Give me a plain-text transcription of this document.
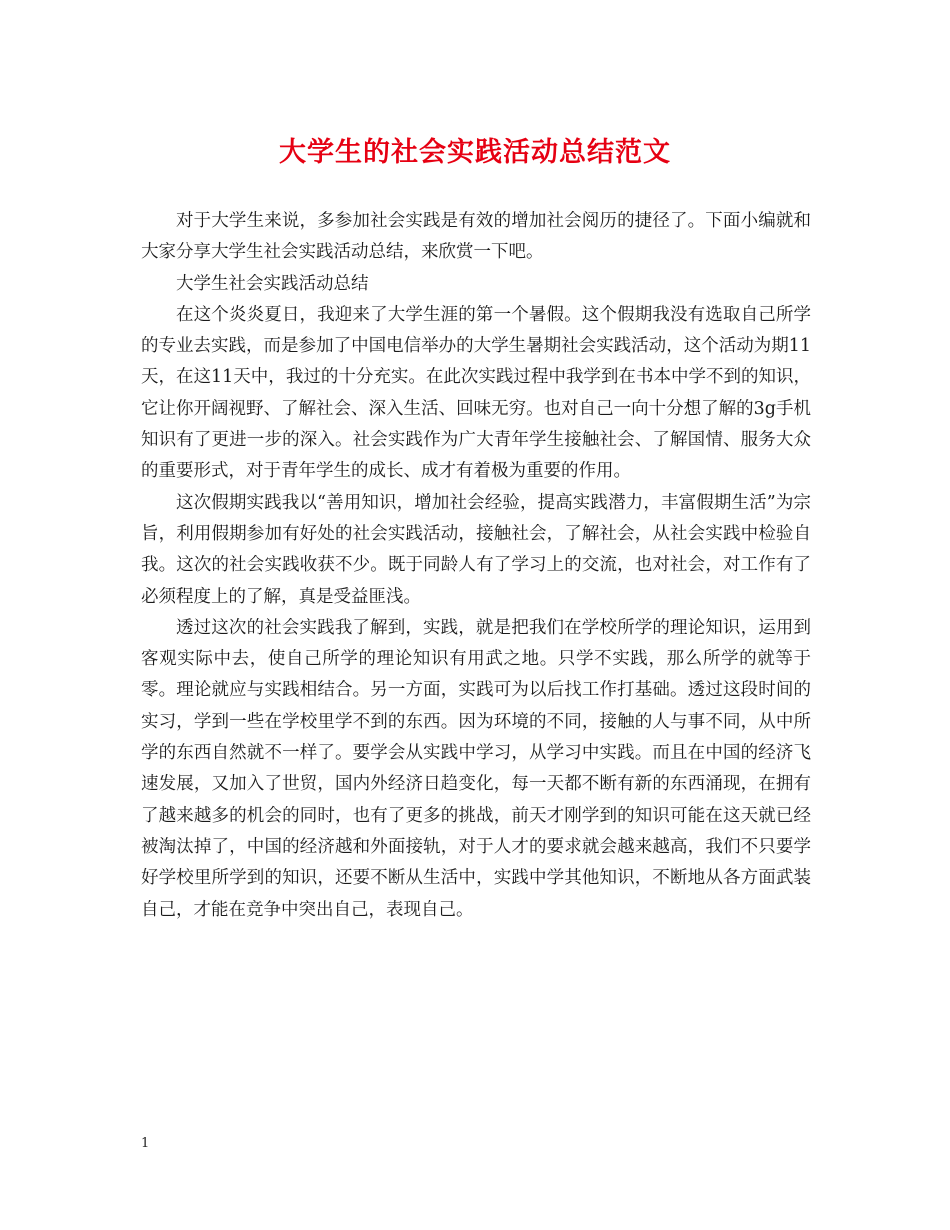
大学生的社会实践活动总结范文

对于大学生来说，多参加社会实践是有效的增加社会阅历的捷径了。下面小编就和大家分享大学生社会实践活动总结，来欣赏一下吧。

大学生社会实践活动总结

在这个炎炎夏日，我迎来了大学生涯的第一个暑假。这个假期我没有选取自己所学的专业去实践，而是参加了中国电信举办的大学生暑期社会实践活动，这个活动为期11天，在这11天中，我过的十分充实。在此次实践过程中我学到在书本中学不到的知识，它让你开阔视野、了解社会、深入生活、回味无穷。也对自己一向十分想了解的3g手机知识有了更进一步的深入。社会实践作为广大青年学生接触社会、了解国情、服务大众的重要形式，对于青年学生的成长、成才有着极为重要的作用。

这次假期实践我以“善用知识，增加社会经验，提高实践潜力，丰富假期生活”为宗旨，利用假期参加有好处的社会实践活动，接触社会，了解社会，从社会实践中检验自我。这次的社会实践收获不少。既于同龄人有了学习上的交流，也对社会，对工作有了必须程度上的了解，真是受益匪浅。

透过这次的社会实践我了解到，实践，就是把我们在学校所学的理论知识，运用到客观实际中去，使自己所学的理论知识有用武之地。只学不实践，那么所学的就等于零。理论就应与实践相结合。另一方面，实践可为以后找工作打基础。透过这段时间的实习，学到一些在学校里学不到的东西。因为环境的不同，接触的人与事不同，从中所学的东西自然就不一样了。要学会从实践中学习，从学习中实践。而且在中国的经济飞速发展，又加入了世贸，国内外经济日趋变化，每一天都不断有新的东西涌现，在拥有了越来越多的机会的同时，也有了更多的挑战，前天才刚学到的知识可能在这天就已经被淘汰掉了，中国的经济越和外面接轨，对于人才的要求就会越来越高，我们不只要学好学校里所学到的知识，还要不断从生活中，实践中学其他知识，不断地从各方面武装自己，才能在竞争中突出自己，表现自己。

1
